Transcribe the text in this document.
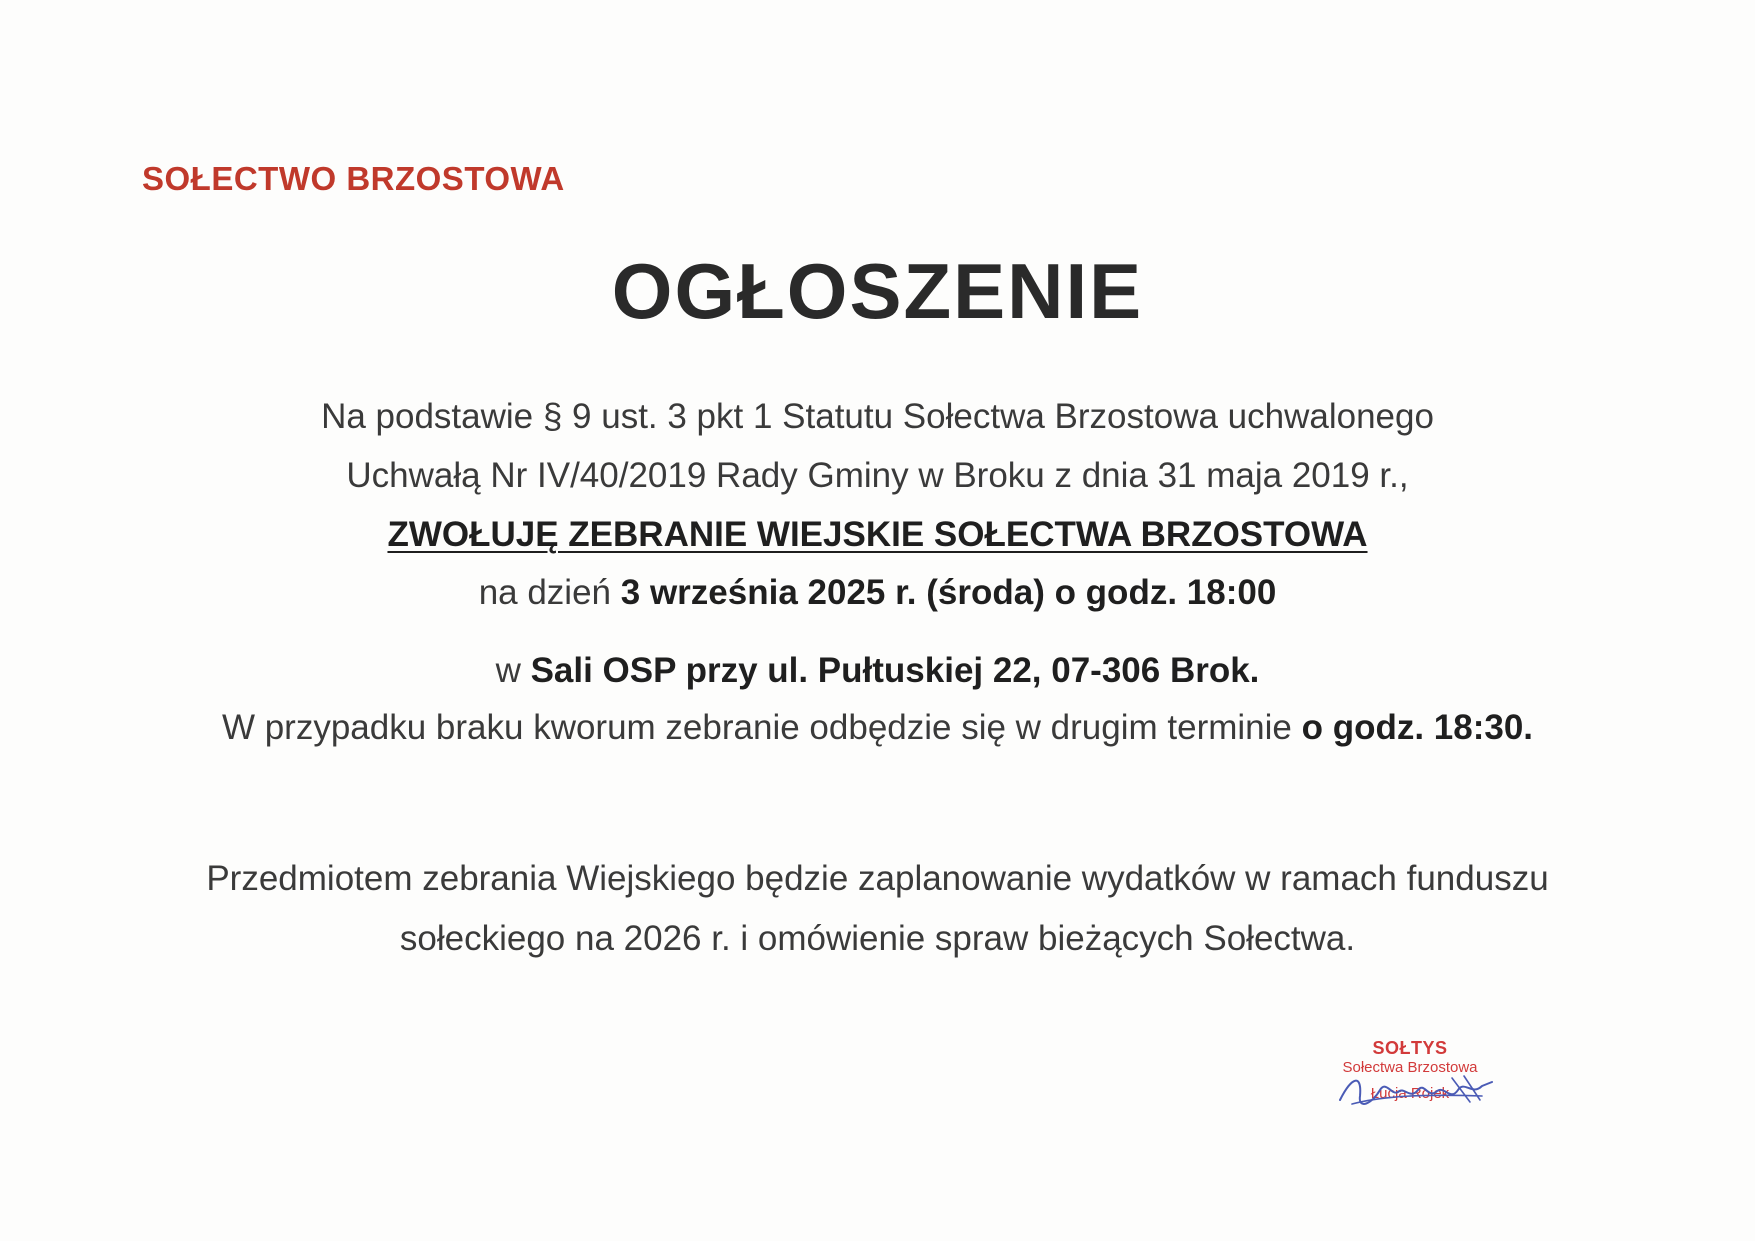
SOŁECTWO BRZOSTOWA
OGŁOSZENIE
Na podstawie § 9 ust. 3 pkt 1 Statutu Sołectwa Brzostowa uchwalonego
Uchwałą Nr IV/40/2019 Rady Gminy w Broku z dnia 31 maja 2019 r.,
ZWOŁUJĘ ZEBRANIE WIEJSKIE SOŁECTWA BRZOSTOWA
na dzień 3 września 2025 r. (środa) o godz. 18:00
w Sali OSP przy ul. Pułtuskiej 22, 07-306 Brok.
W przypadku braku kworum zebranie odbędzie się w drugim terminie o godz. 18:30.
Przedmiotem zebrania Wiejskiego będzie zaplanowanie wydatków w ramach funduszu
sołeckiego na 2026 r. i omówienie spraw bieżących Sołectwa.
SOŁTYS
Sołectwa Brzostowa
Łucja Rojek
